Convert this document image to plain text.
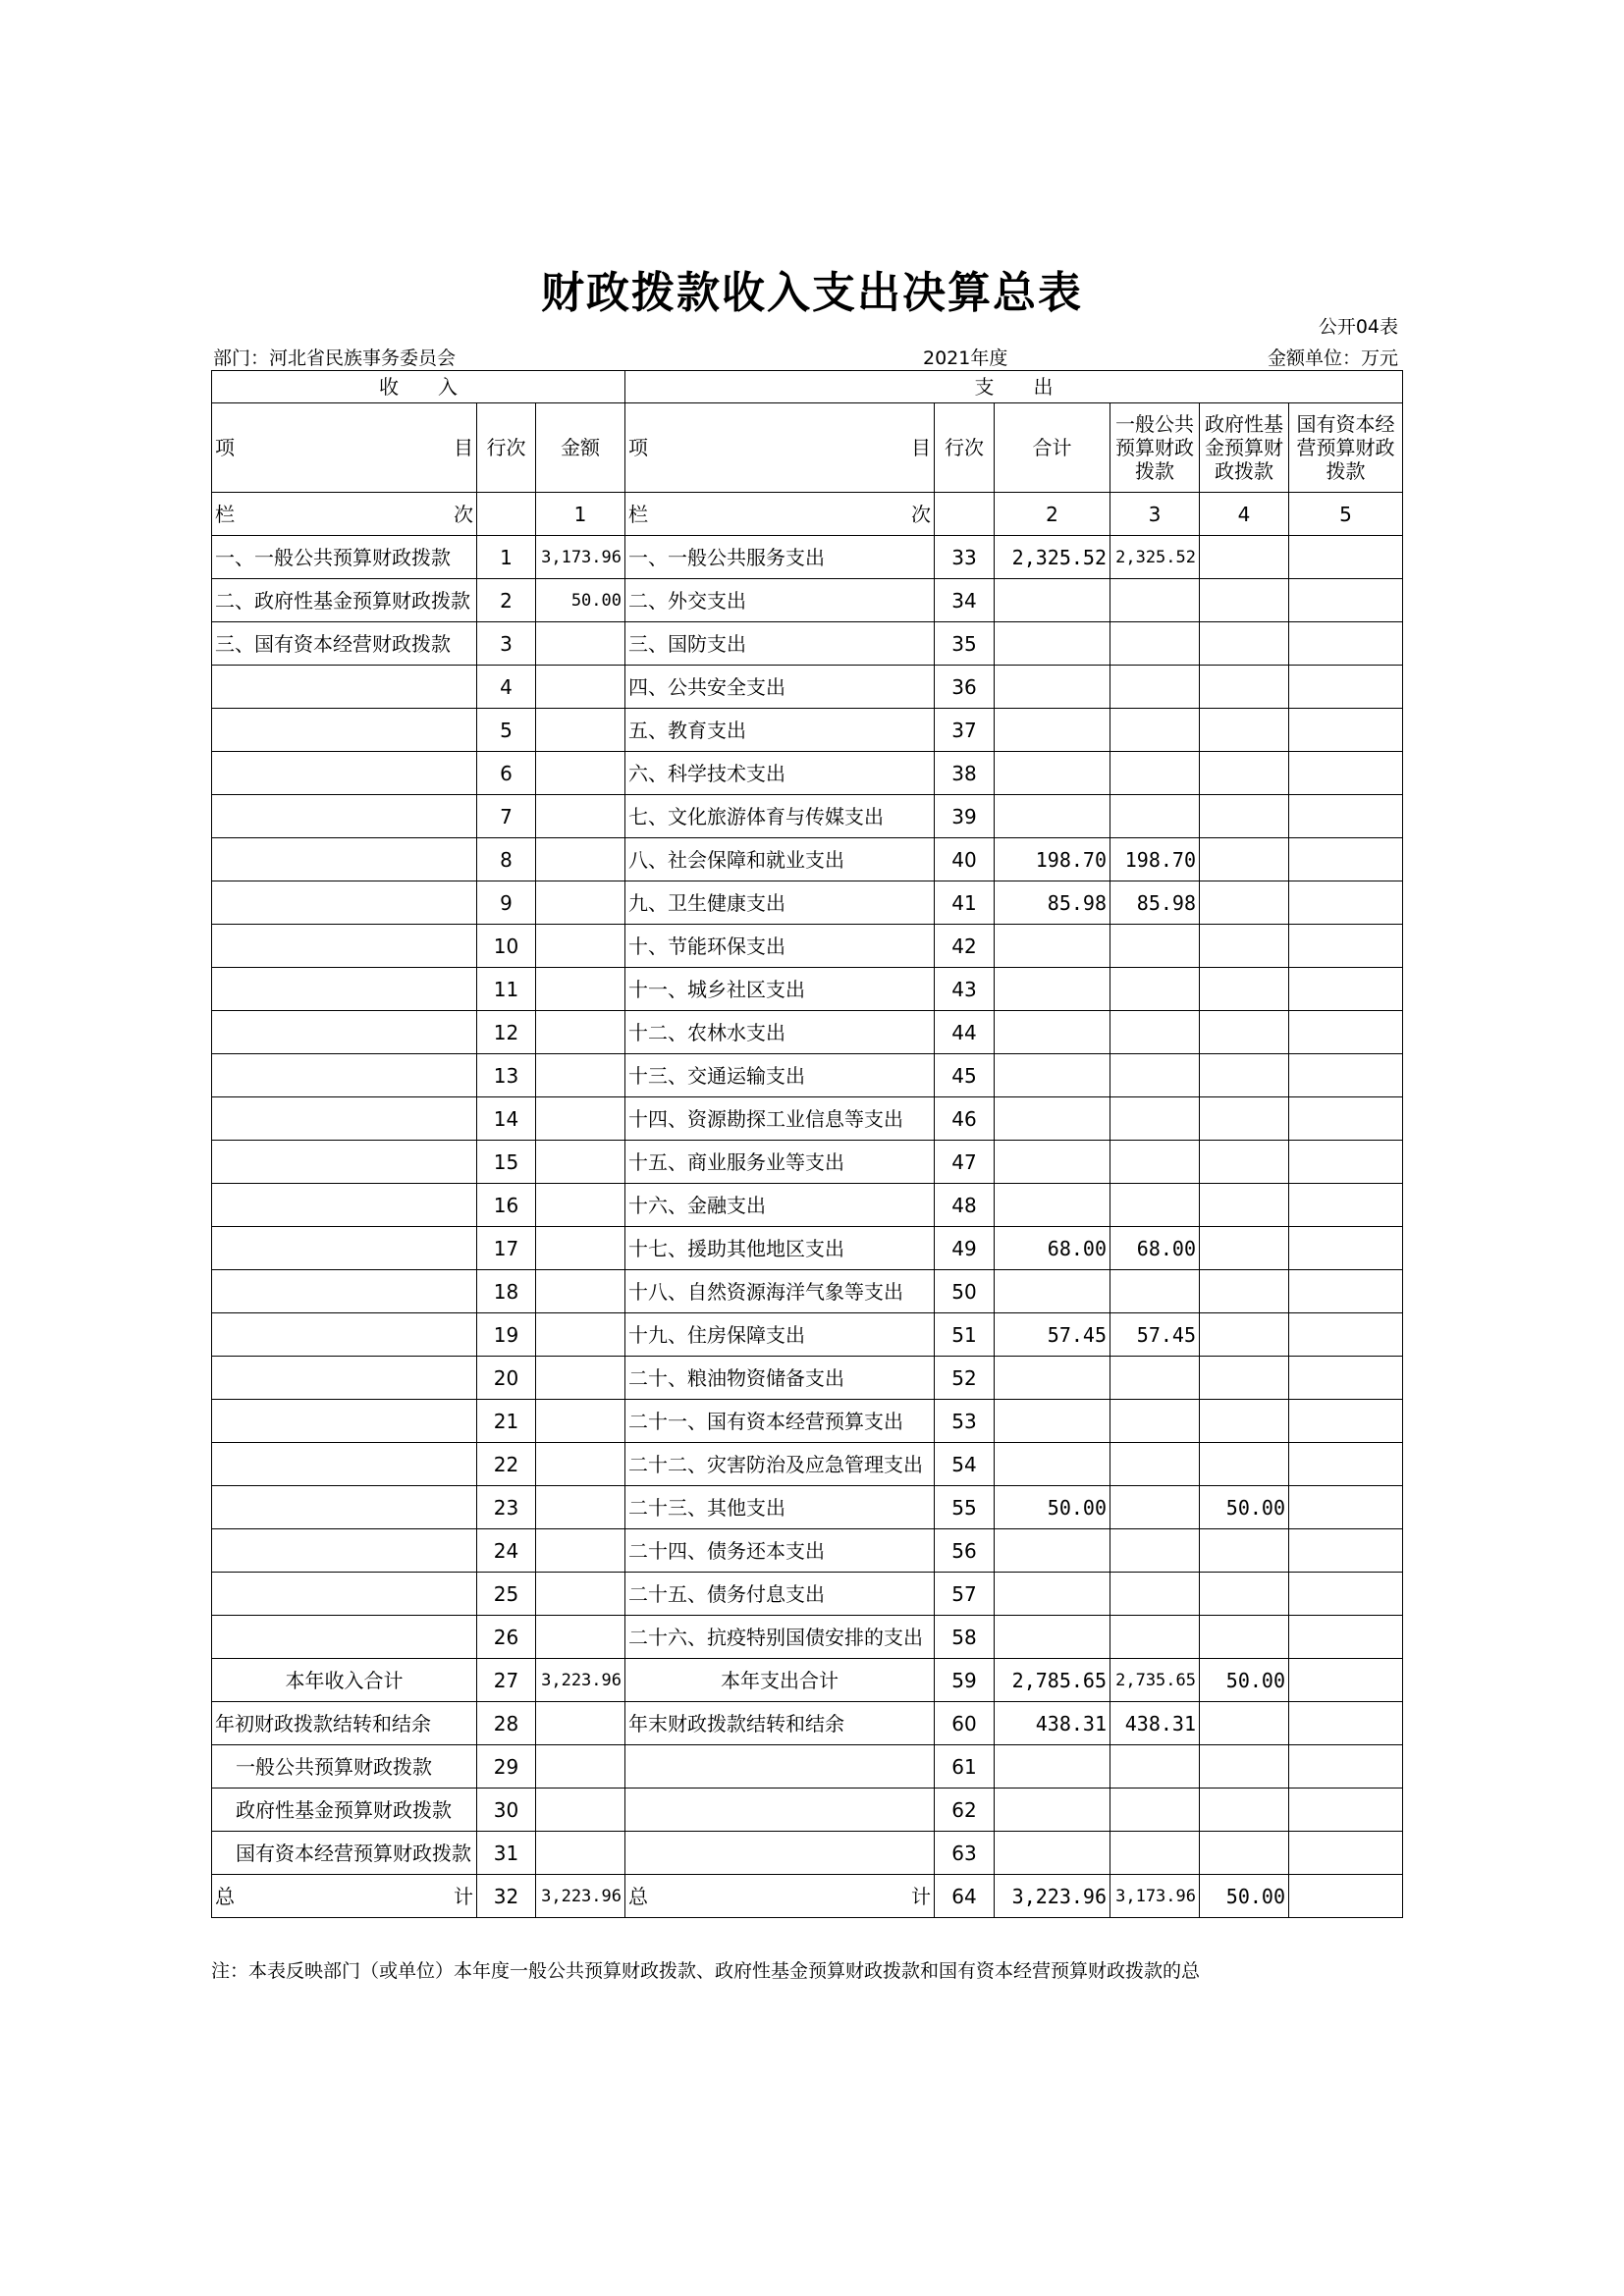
财政拨款收入支出决算总表
公开04表
部门：河北省民族事务委员会	2021年度	金额单位：万元
收　　入			支　　出					

项 目	行次	金额	项 目	行次	合计	一般公共预算财政拨款	政府性基金预算财政拨款	国有资本经营预算财政拨款

栏 次		1	栏 次		2	3	4	5
一、一般公共预算财政拨款	1	3,173.96	一、一般公共服务支出	33	2,325.52	2,325.52		
二、政府性基金预算财政拨款	2	50.00	二、外交支出	34				
三、国有资本经营财政拨款	3		三、国防支出	35				
	4		四、公共安全支出	36				
	5		五、教育支出	37				
	6		六、科学技术支出	38				
	7		七、文化旅游体育与传媒支出	39				
	8		八、社会保障和就业支出	40	198.70	198.70		
	9		九、卫生健康支出	41	85.98	85.98		
	10		十、节能环保支出	42				
	11		十一、城乡社区支出	43				
	12		十二、农林水支出	44				
	13		十三、交通运输支出	45				
	14		十四、资源勘探工业信息等支出	46				
	15		十五、商业服务业等支出	47				
	16		十六、金融支出	48				
	17		十七、援助其他地区支出	49	68.00	68.00		
	18		十八、自然资源海洋气象等支出	50				
	19		十九、住房保障支出	51	57.45	57.45		
	20		二十、粮油物资储备支出	52				
	21		二十一、国有资本经营预算支出	53				
	22		二十二、灾害防治及应急管理支出	54				
	23		二十三、其他支出	55	50.00		50.00	
	24		二十四、债务还本支出	56				
	25		二十五、债务付息支出	57				
	26		二十六、抗疫特别国债安排的支出	58				
本年收入合计	27	3,223.96	本年支出合计	59	2,785.65	2,735.65	50.00	
年初财政拨款结转和结余	28		年末财政拨款结转和结余	60	438.31	438.31		
一般公共预算财政拨款	29			61				
政府性基金预算财政拨款	30			62				
国有资本经营预算财政拨款	31			63				

总 计	32	3,223.96	总 计	64	3,223.96	3,173.96	50.00	
注：本表反映部门（或单位）本年度一般公共预算财政拨款、政府性基金预算财政拨款和国有资本经营预算财政拨款的总
